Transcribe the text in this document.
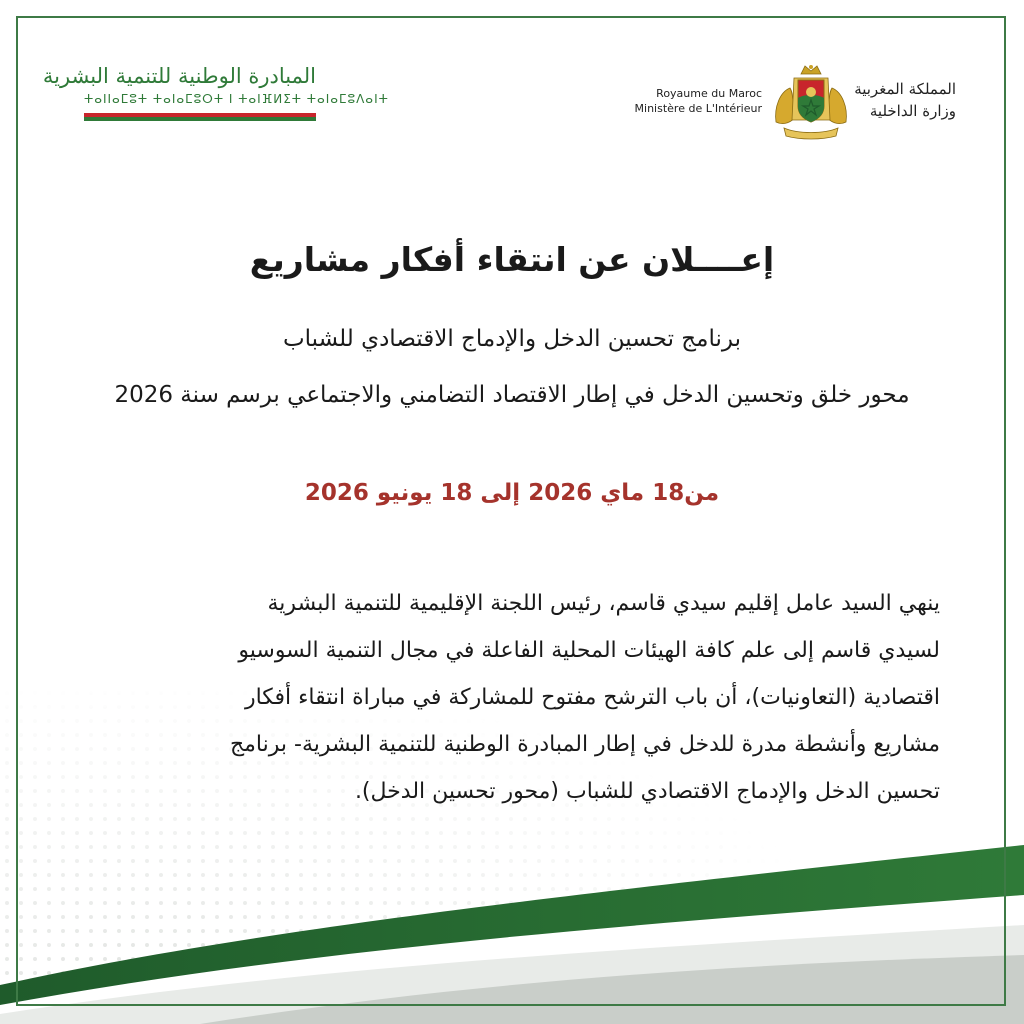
المبادرة الوطنية للتنمية البشرية
ⵜⴰⵏⵏⴰⵎⵓⵜ ⵜⴰⵏⴰⵎⵓⵔⵜ ⵏ ⵜⴰⵏⴼⵍⵉⵜ ⵜⴰⵏⴰⵎⵓⴷⴰⵏⵜ	Royaume du Maroc
Ministère de L'Intérieur
المملكة المغربية
وزارة الداخلية
إعــــلان عن انتقاء أفكار مشاريع
برنامج تحسين الدخل والإدماج الاقتصادي للشباب
محور خلق وتحسين الدخل في إطار الاقتصاد التضامني والاجتماعي برسم سنة 2026
من18 ماي 2026 إلى 18 يونيو 2026
ينهي السيد عامل إقليم سيدي قاسم، رئيس اللجنة الإقليمية للتنمية البشرية
لسيدي قاسم إلى علم كافة الهيئات المحلية الفاعلة في مجال التنمية السوسيو
اقتصادية (التعاونيات)، أن باب الترشح مفتوح للمشاركة في مباراة انتقاء أفكار
مشاريع وأنشطة مدرة للدخل في إطار المبادرة الوطنية للتنمية البشرية- برنامج
تحسين الدخل والإدماج الاقتصادي للشباب (محور تحسين الدخل).
